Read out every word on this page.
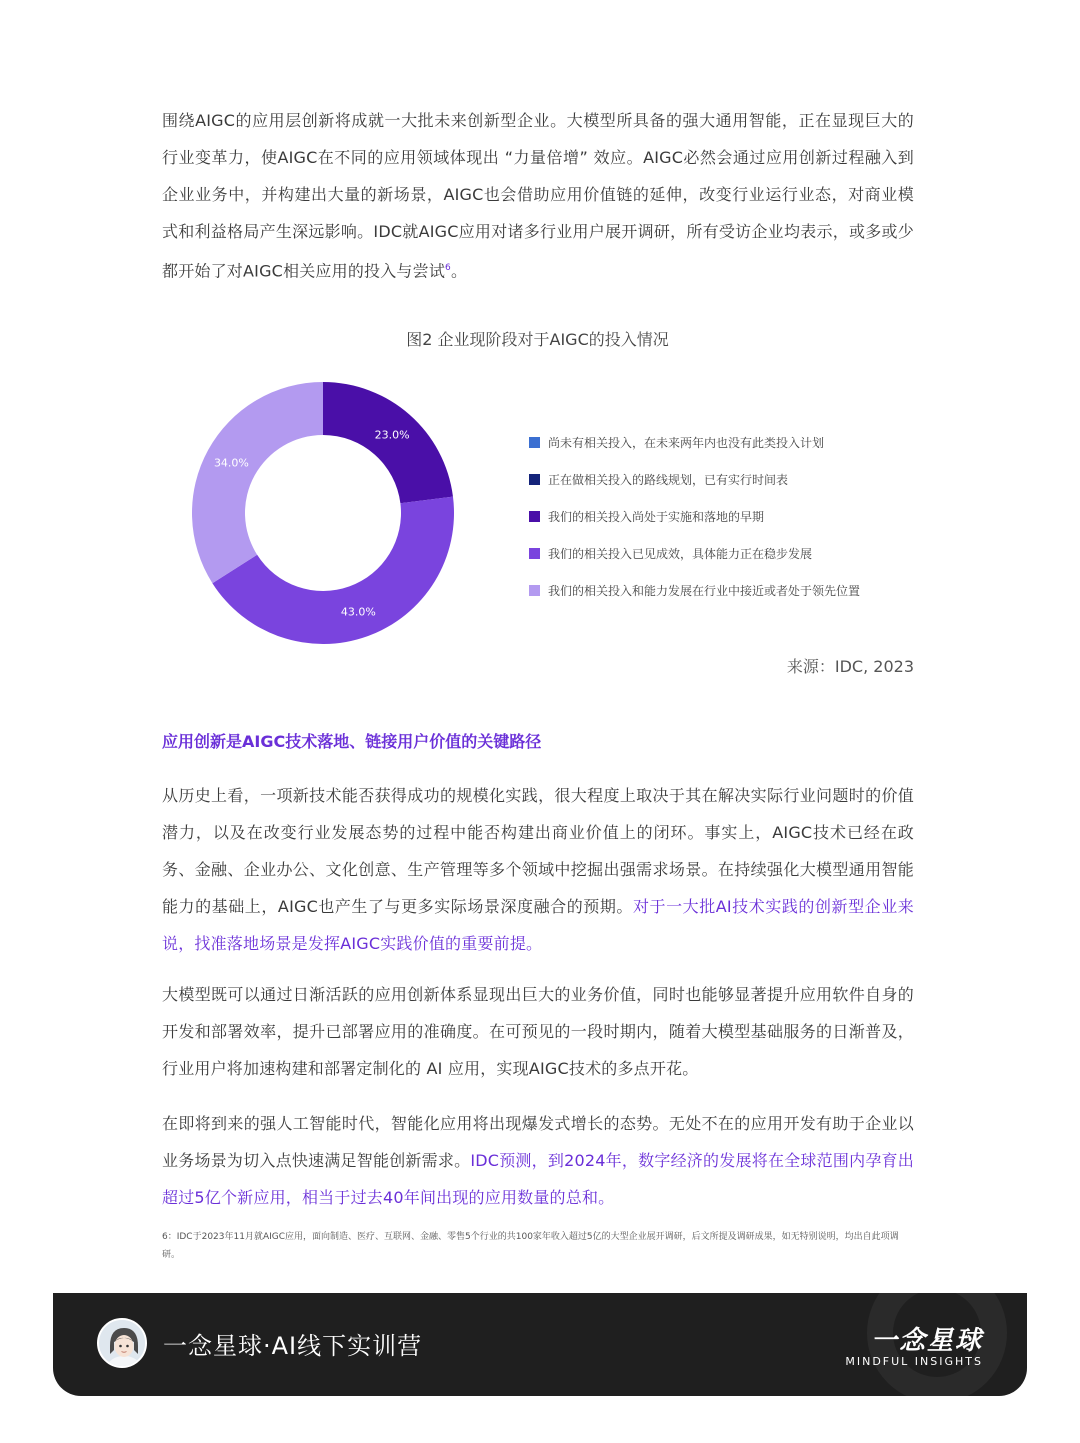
围绕AIGC的应用层创新将成就一大批未来创新型企业。大模型所具备的强大通用智能，正在显现巨大的行业变革力，使AIGC在不同的应用领域体现出 “力量倍增” 效应。AIGC必然会通过应用创新过程融入到企业业务中，并构建出大量的新场景，AIGC也会借助应用价值链的延伸，改变行业运行业态，对商业模式和利益格局产生深远影响。IDC就AIGC应用对诸多行业用户展开调研，所有受访企业均表示，或多或少都开始了对AIGC相关应用的投入与尝试$^6$。
图2 企业现阶段对于AIGC的投入情况
23.0%
43.0%
34.0%
尚未有相关投入，在未来两年内也没有此类投入计划
正在做相关投入的路线规划，已有实行时间表
我们的相关投入尚处于实施和落地的早期
我们的相关投入已见成效，具体能力正在稳步发展
我们的相关投入和能力发展在行业中接近或者处于领先位置
来源：IDC, 2023
应用创新是AIGC技术落地、链接用户价值的关键路径
从历史上看，一项新技术能否获得成功的规模化实践，很大程度上取决于其在解决实际行业问题时的价值潜力，以及在改变行业发展态势的过程中能否构建出商业价值上的闭环。事实上，AIGC技术已经在政务、金融、企业办公、文化创意、生产管理等多个领域中挖掘出强需求场景。在持续强化大模型通用智能能力的基础上，AIGC也产生了与更多实际场景深度融合的预期。对于一大批AI技术实践的创新型企业来说，找准落地场景是发挥AIGC实践价值的重要前提。
大模型既可以通过日渐活跃的应用创新体系显现出巨大的业务价值，同时也能够显著提升应用软件自身的开发和部署效率，提升已部署应用的准确度。在可预见的一段时期内，随着大模型基础服务的日渐普及，行业用户将加速构建和部署定制化的 AI 应用，实现AIGC技术的多点开花。
在即将到来的强人工智能时代，智能化应用将出现爆发式增长的态势。无处不在的应用开发有助于企业以业务场景为切入点快速满足智能创新需求。IDC预测，到2024年，数字经济的发展将在全球范围内孕育出超过5亿个新应用，相当于过去40年间出现的应用数量的总和。
6：IDC于2023年11月就AIGC应用，面向制造、医疗、互联网、金融、零售5个行业的共100家年收入超过5亿的大型企业展开调研，后文所提及调研成果，如无特别说明，均出自此项调研。
一念星球·AI线下实训营	一念星球
MINDFUL INSIGHTS
